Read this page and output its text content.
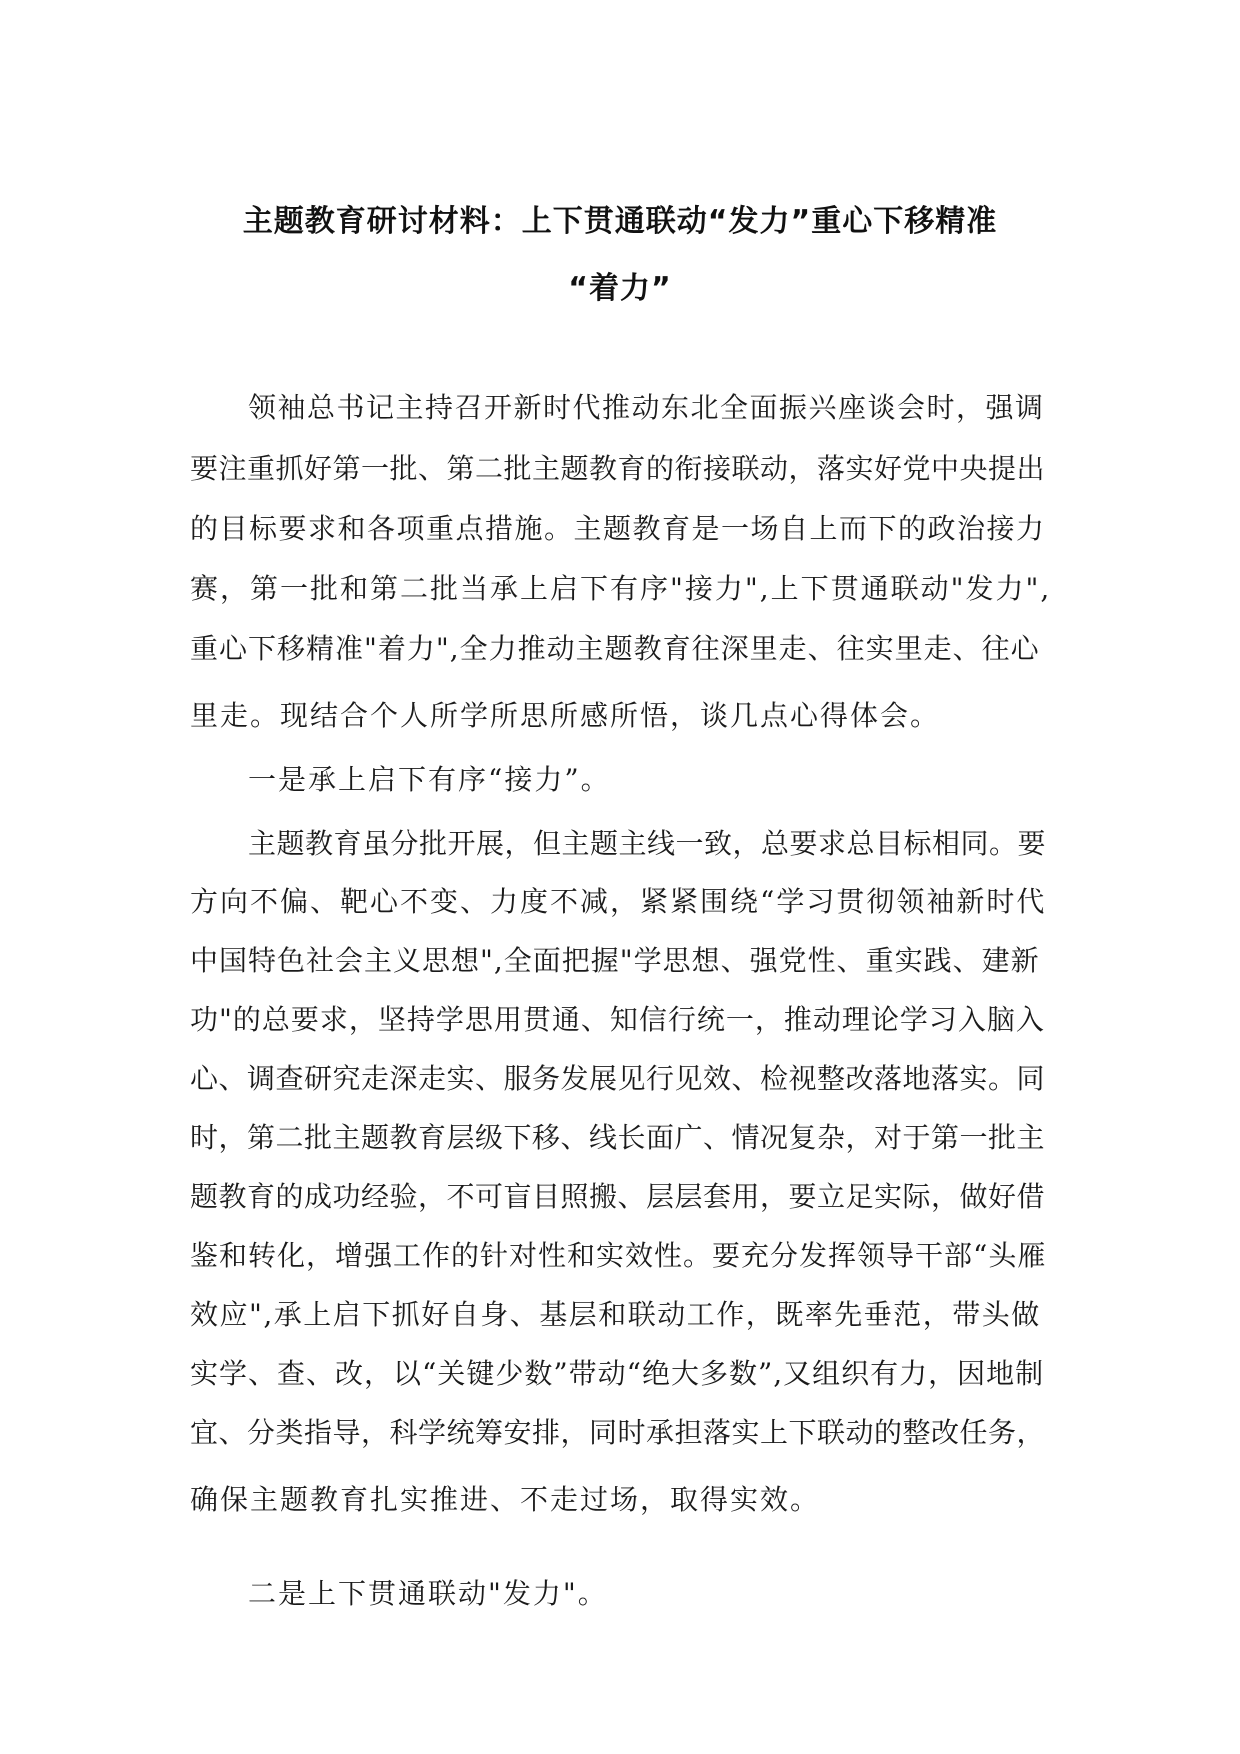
主题教育研讨材料：上下贯通联动“发力”重心下移精准
“着力”
领袖总书记主持召开新时代推动东北全面振兴座谈会时，强调
要注重抓好第一批、第二批主题教育的衔接联动，落实好党中央提出
的目标要求和各项重点措施。主题教育是一场自上而下的政治接力
赛，第一批和第二批当承上启下有序"接力",上下贯通联动"发力",
重心下移精准"着力",全力推动主题教育往深里走、往实里走、往心
里走。现结合个人所学所思所感所悟，谈几点心得体会。
一是承上启下有序“接力”。
主题教育虽分批开展，但主题主线一致，总要求总目标相同。要
方向不偏、靶心不变、力度不减，紧紧围绕“学习贯彻领袖新时代
中国特色社会主义思想",全面把握"学思想、强党性、重实践、建新
功"的总要求，坚持学思用贯通、知信行统一，推动理论学习入脑入
心、调查研究走深走实、服务发展见行见效、检视整改落地落实。同
时，第二批主题教育层级下移、线长面广、情况复杂，对于第一批主
题教育的成功经验，不可盲目照搬、层层套用，要立足实际，做好借
鉴和转化，增强工作的针对性和实效性。要充分发挥领导干部“头雁
效应",承上启下抓好自身、基层和联动工作，既率先垂范，带头做
实学、查、改，以“关键少数”带动“绝大多数”,又组织有力，因地制
宜、分类指导，科学统筹安排，同时承担落实上下联动的整改任务，
确保主题教育扎实推进、不走过场，取得实效。
二是上下贯通联动"发力"。
